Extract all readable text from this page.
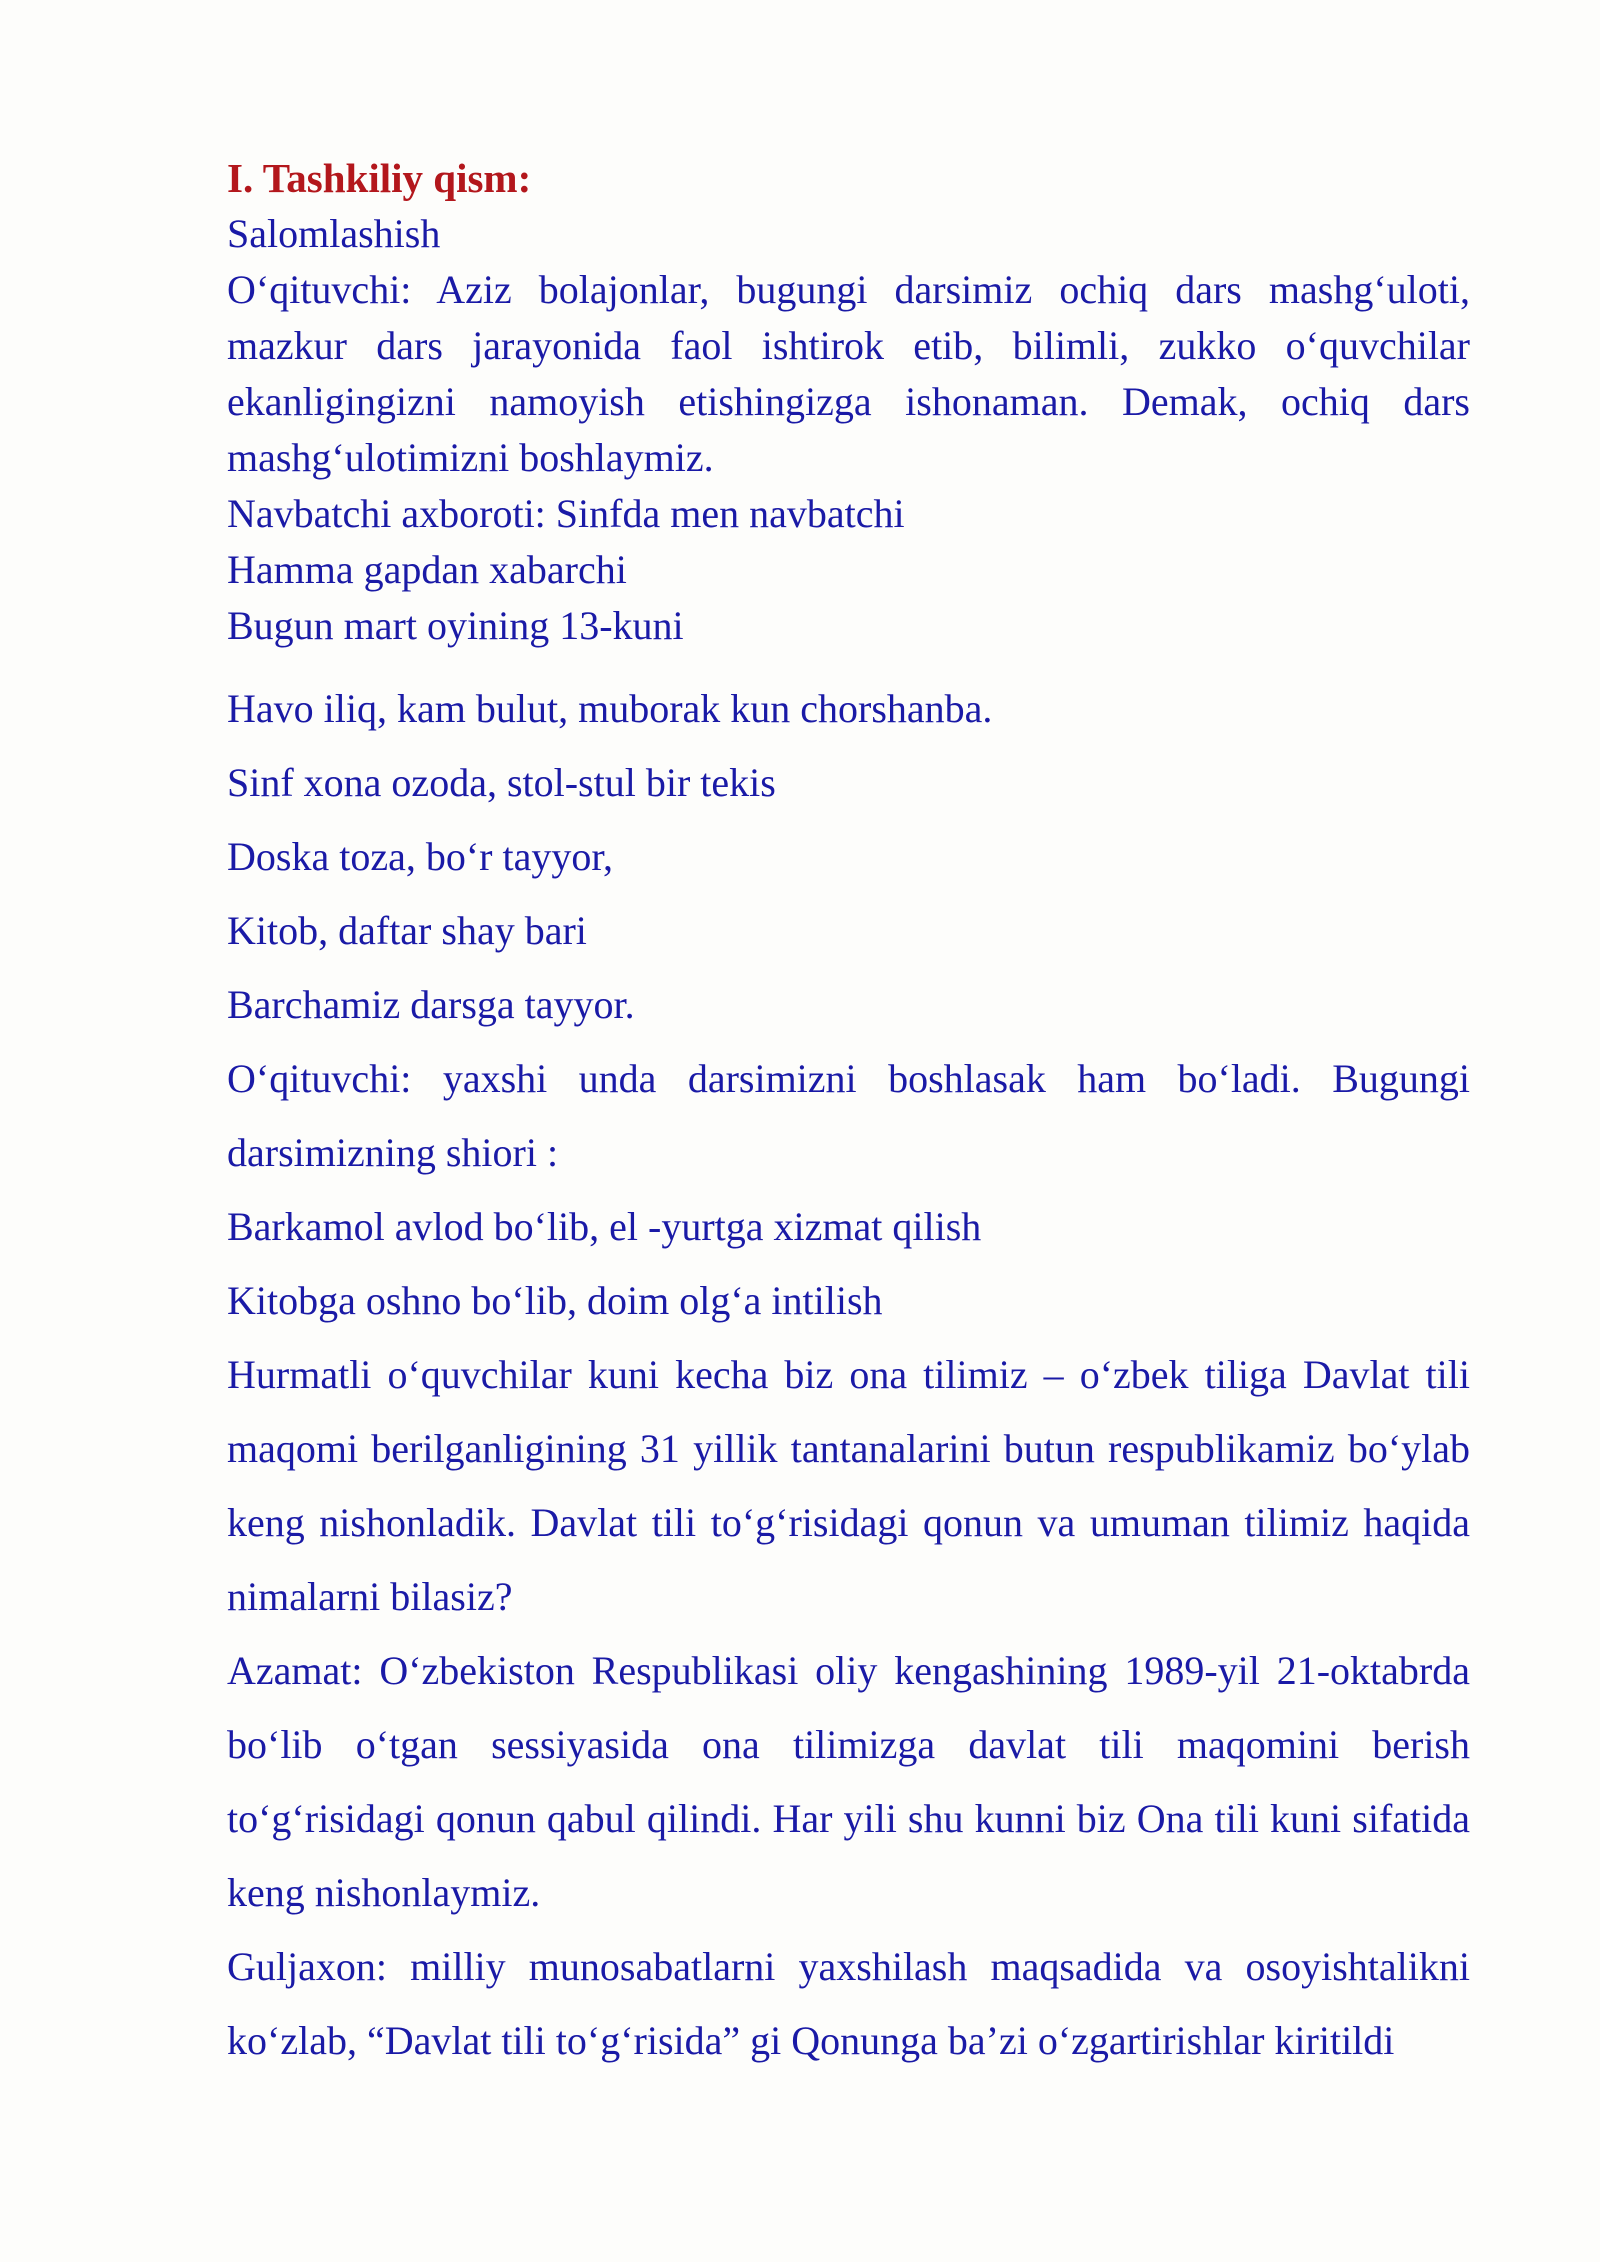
I. Tashkiliy qism:

Salomlashish

O‘qituvchi: Aziz bolajonlar, bugungi darsimiz ochiq dars mashg‘uloti, mazkur dars jarayonida faol ishtirok etib, bilimli, zukko o‘quvchilar ekanligingizni namoyish etishingizga ishonaman. Demak, ochiq dars mashg‘ulotimizni boshlaymiz.

Navbatchi axboroti: Sinfda men navbatchi

Hamma gapdan xabarchi

Bugun mart oyining 13-kuni

Havo iliq, kam bulut, muborak kun chorshanba.

Sinf xona ozoda, stol-stul bir tekis

Doska toza, bo‘r tayyor,

Kitob, daftar shay bari

Barchamiz darsga tayyor.

O‘qituvchi: yaxshi unda darsimizni boshlasak ham bo‘ladi. Bugungi darsimizning shiori :

Barkamol avlod bo‘lib, el -yurtga xizmat qilish

Kitobga oshno bo‘lib, doim olg‘a intilish

Hurmatli o‘quvchilar kuni kecha biz ona tilimiz – o‘zbek tiliga Davlat tili maqomi berilganligining 31 yillik tantanalarini butun respublikamiz bo‘ylab keng nishonladik. Davlat tili to‘g‘risidagi qonun va umuman tilimiz haqida nimalarni bilasiz?

Azamat: O‘zbekiston Respublikasi oliy kengashining 1989-yil 21-oktabrda bo‘lib o‘tgan sessiyasida ona tilimizga davlat tili maqomini berish to‘g‘risidagi qonun qabul qilindi. Har yili shu kunni biz Ona tili kuni sifatida keng nishonlaymiz.

Guljaxon: milliy munosabatlarni yaxshilash maqsadida va osoyishtalikni ko‘zlab, “Davlat tili to‘g‘risida” gi Qonunga ba’zi o‘zgartirishlar kiritildi
